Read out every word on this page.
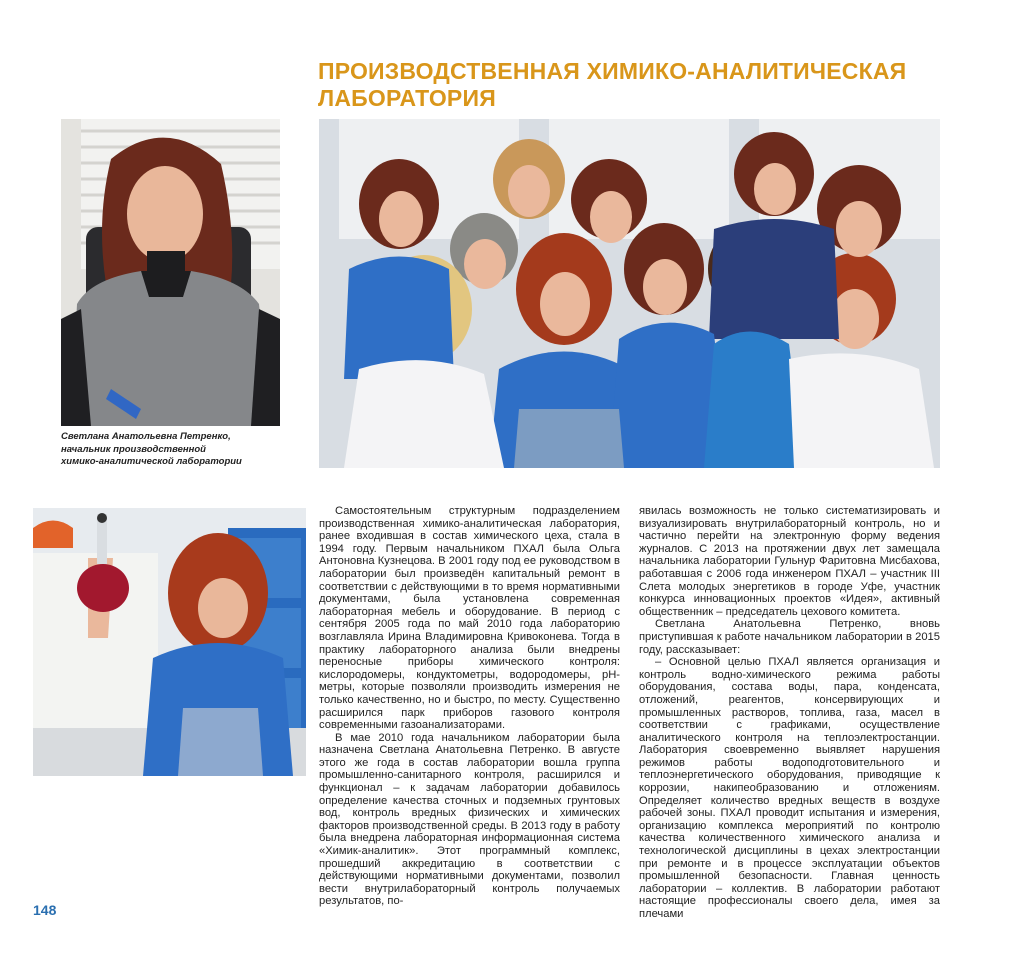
ПРОИЗВОДСТВЕННАЯ ХИМИКО-АНАЛИТИЧЕСКАЯ
ЛАБОРАТОРИЯ
Светлана Анатольевна Петренко,
начальник производственной
химико-аналитической лаборатории

Самостоятельным структурным подразделением производственная химико-аналитическая лаборатория, ранее входившая в состав химического цеха, стала в 1994 году. Первым начальником ПХАЛ была Ольга Антоновна Кузнецова. В 2001 году под ее руководством в лаборатории был произведён капитальный ремонт в соответствии с действующими в то время нормативными документами, была установлена современная лабораторная мебель и оборудование. В период с сентября 2005 года по май 2010 года лабораторию возглавляла Ирина Владимировна Кривоконева. Тогда в практику лабораторного анализа были внедрены переносные приборы химического контроля: кислородомеры, кондуктометры, водородомеры, pH-метры, которые позволяли производить измерения не только качественно, но и быстро, по месту. Существенно расширился парк приборов газового контроля современными газоанализаторами.

В мае 2010 года начальником лаборатории была назначена Светлана Анатольевна Петренко. В августе этого же года в состав лаборатории вошла группа промышленно-санитарного контроля, расширился и функционал – к задачам лаборатории добавилось определение качества сточных и подземных грунтовых вод, контроль вредных физических и химических факторов производственной среды. В 2013 году в работу была внедрена лабораторная информационная система «Химик-аналитик». Этот программный комплекс, прошедший аккредитацию в соответствии с действующими нормативными документами, позволил вести внутрилабораторный контроль получаемых результатов, по-

явилась возможность не только систематизировать и визуализировать внутрилабораторный контроль, но и частично перейти на электронную форму ведения журналов. С 2013 на протяжении двух лет замещала начальника лаборатории Гульнур Фаритовна Мисбахова, работавшая с 2006 года инженером ПХАЛ – участник III Слета молодых энергетиков в городе Уфе, участник конкурса инновационных проектов «Идея», активный общественник – председатель цехового комитета.

Светлана Анатольевна Петренко, вновь приступившая к работе начальником лаборатории в 2015 году, рассказывает:

– Основной целью ПХАЛ является организация и контроль водно-химического режима работы оборудования, состава воды, пара, конденсата, отложений, реагентов, консервирующих и промышленных растворов, топлива, газа, масел в соответствии с графиками, осуществление аналитического контроля на теплоэлектростанции. Лаборатория своевременно выявляет нарушения режимов работы водоподготовительного и теплоэнергетического оборудования, приводящие к коррозии, накипеобразованию и отложениям. Определяет количество вредных веществ в воздухе рабочей зоны. ПХАЛ проводит испытания и измерения, организацию комплекса мероприятий по контролю качества количественного химического анализа и технологической дисциплины в цехах электростанции при ремонте и в процессе эксплуатации объектов промышленной безопасности. Главная ценность лаборатории – коллектив. В лаборатории работают настоящие профессионалы своего дела, имея за плечами

148
